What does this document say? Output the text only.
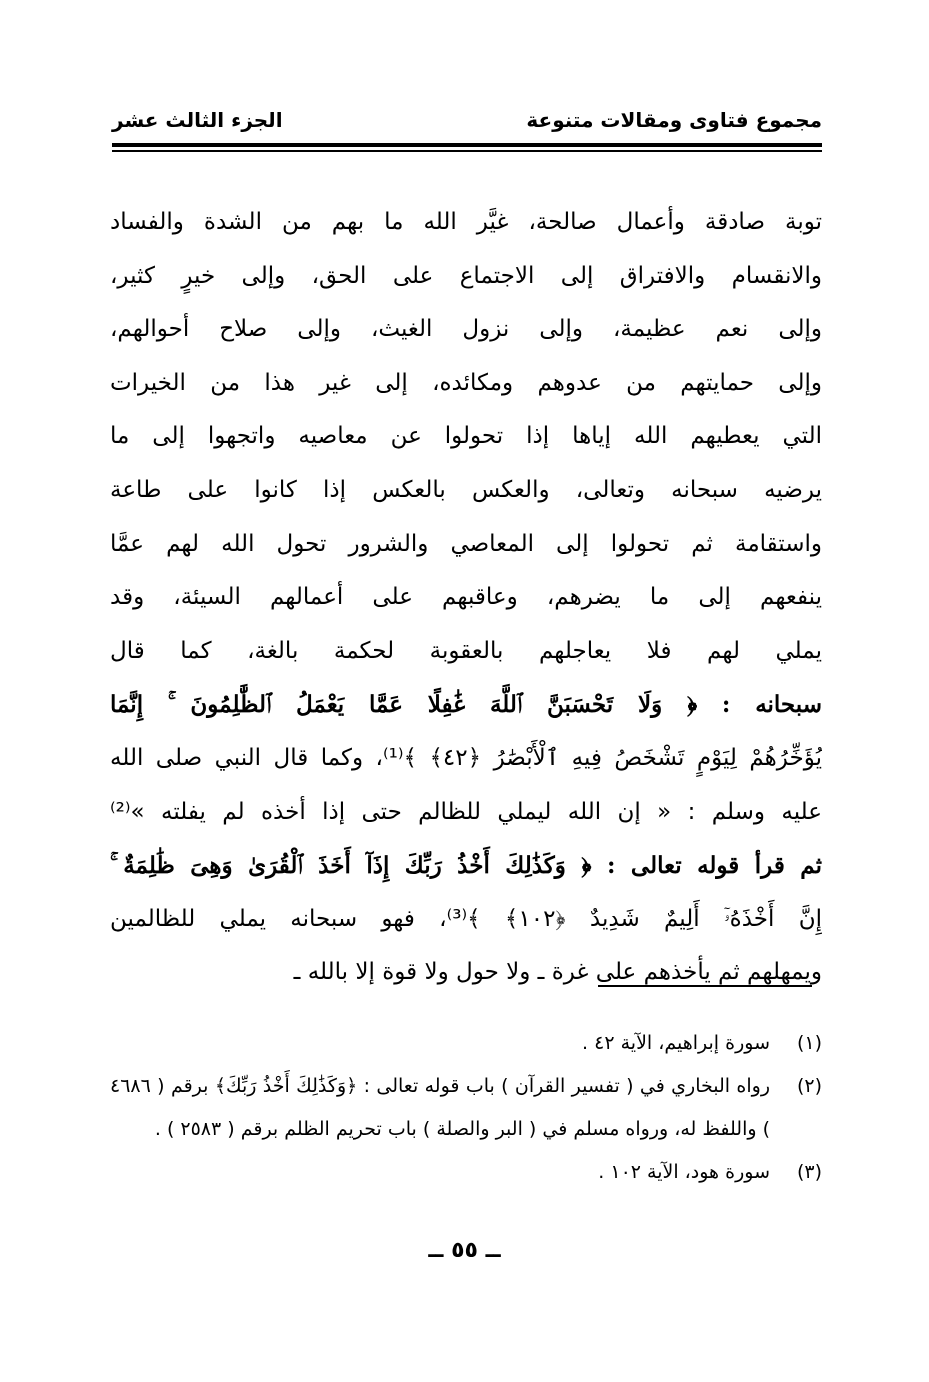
مجموع فتاوى ومقالات متنوعة
الجزء الثالث عشر
توبة صادقة وأعمال صالحة، غيَّر الله ما بهم من الشدة والفساد
والانقسام والافتراق إلى الاجتماع على الحق، وإلى خيرٍ كثير،
وإلى نعم عظيمة، وإلى نزول الغيث، وإلى صلاح أحوالهم،
وإلى حمايتهم من عدوهم ومكائده، إلى غير هذا من الخيرات
التي يعطيهم الله إياها إذا تحولوا عن معاصيه واتجهوا إلى ما
يرضيه سبحانه وتعالى، والعكس بالعكس إذا كانوا على طاعة
واستقامة ثم تحولوا إلى المعاصي والشرور تحول الله لهم عمَّا
ينفعهم إلى ما يضرهم، وعاقبهم على أعمالهم السيئة، وقد
يملي لهم فلا يعاجلهم بالعقوبة لحكمة بالغة، كما قال
سبحانه : ﴿ وَلَا تَحْسَبَنَّ ٱللَّهَ غَٰفِلًا عَمَّا يَعْمَلُ ٱلظَّٰلِمُونَ ۚ إِنَّمَا
يُؤَخِّرُهُمْ لِيَوْمٍ تَشْخَصُ فِيهِ ٱلْأَبْصَٰرُ ﴿٤٢﴾ ﴾⁽¹⁾، وكما قال النبي صلى الله
عليه وسلم : « إن الله ليملي للظالم حتى إذا أخذه لم يفلته »⁽²⁾
ثم قرأ قوله تعالى : ﴿ وَكَذَٰلِكَ أَخْذُ رَبِّكَ إِذَآ أَخَذَ ٱلْقُرَىٰ وَهِىَ ظَٰلِمَةٌ ۚ
إِنَّ أَخْذَهُۥٓ أَلِيمٌ شَدِيدٌ ﴿١٠٢﴾ ﴾⁽³⁾، فهو سبحانه يملي للظالمين
ويمهلهم ثم يأخذهم على غرة ـ ولا حول ولا قوة إلا بالله ـ
(١)
سورة إبراهيم، الآية ٤٢ .
(٢)
رواه البخاري في ( تفسير القرآن ) باب قوله تعالى : ﴿وَكَذَٰلِكَ أَخْذُ رَبِّكَ﴾ برقم ( ٤٦٨٦ ) واللفظ له، ورواه مسلم في ( البر والصلة ) باب تحريم الظلم برقم ( ٢٥٨٣ ) .
(٣)
سورة هود، الآية ١٠٢ .
ــ ٥٥ ــ
